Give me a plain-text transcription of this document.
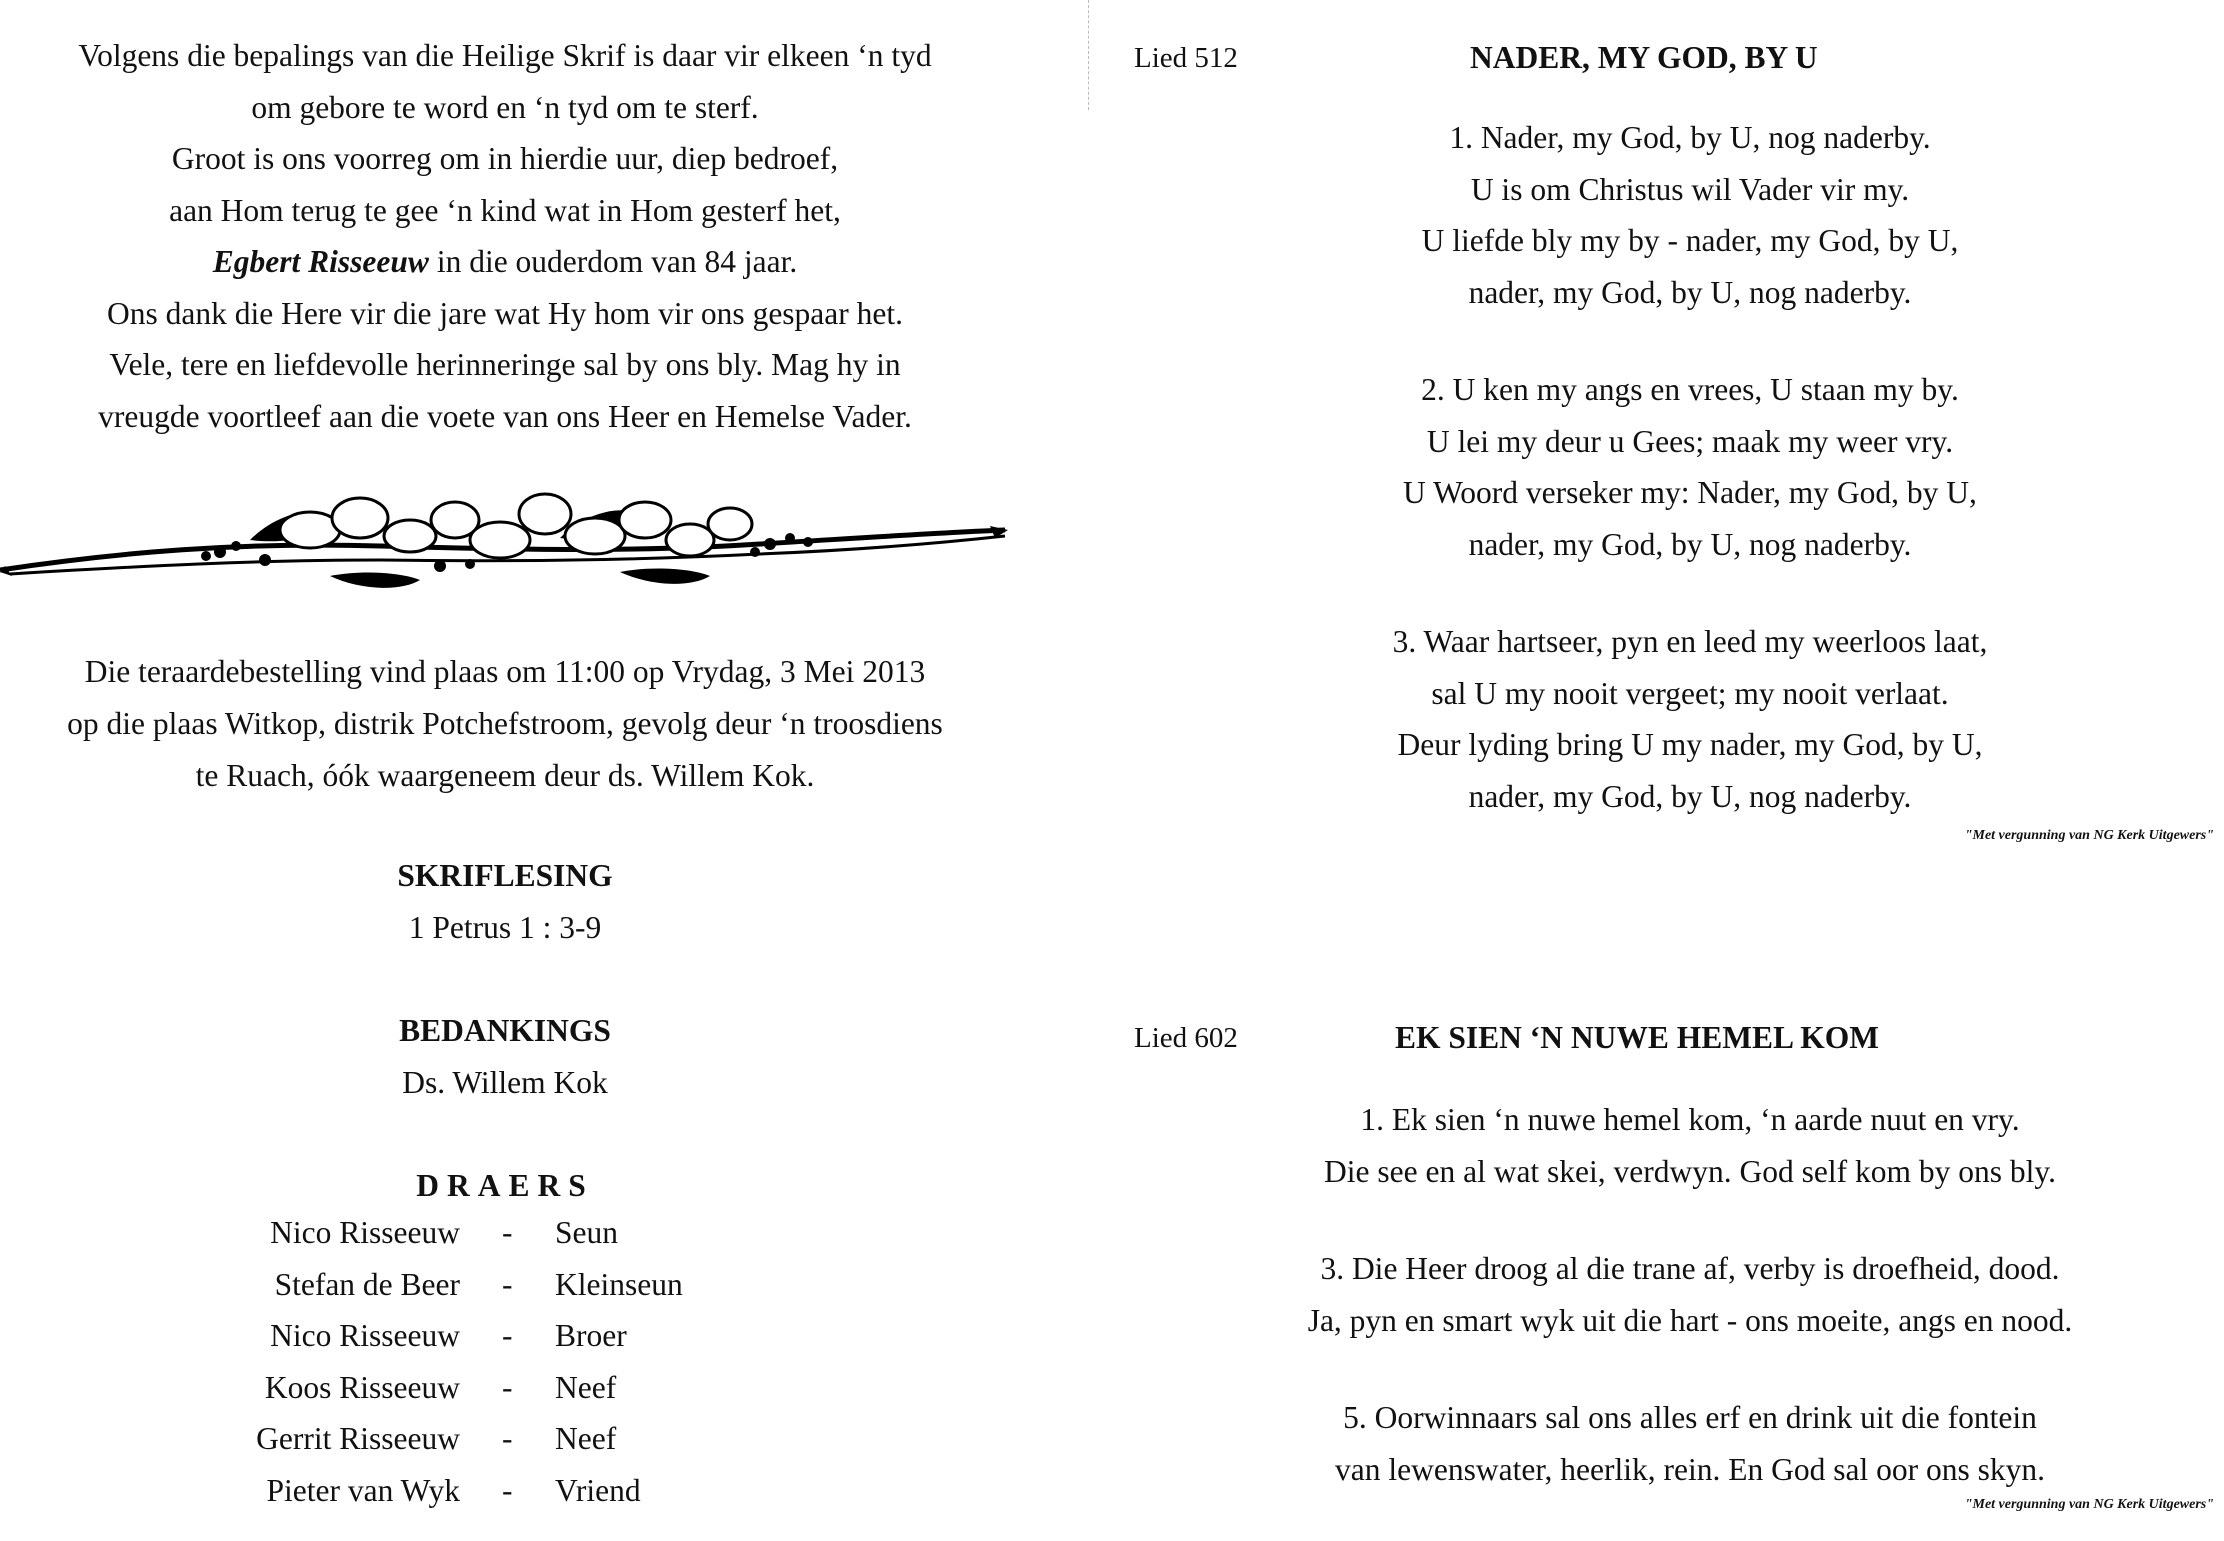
Volgens die bepalings van die Heilige Skrif is daar vir elkeen ‘n tyd
om gebore te word en ‘n tyd om te sterf.
Groot is ons voorreg om in hierdie uur, diep bedroef,
aan Hom terug te gee ‘n kind wat in Hom gesterf het,
Egbert Risseeuw in die ouderdom van 84 jaar.
Ons dank die Here vir die jare wat Hy hom vir ons gespaar het.
Vele, tere en liefdevolle herinneringe sal by ons bly. Mag hy in
vreugde voortleef aan die voete van ons Heer en Hemelse Vader.
Die teraardebestelling vind plaas om 11:00 op Vrydag, 3 Mei 2013
op die plaas Witkop, distrik Potchefstroom, gevolg deur ‘n troosdiens
te Ruach, óók waargeneem deur ds. Willem Kok.
SKRIFLESING
1 Petrus 1 : 3-9
BEDANKINGS
Ds. Willem Kok
DRAERS
Nico Risseeuw - Seun
Stefan de Beer - Kleinseun
Nico Risseeuw - Broer
Koos Risseeuw - Neef
Gerrit Risseeuw - Neef
Pieter van Wyk - Vriend
Lied 512	NADER, MY GOD, BY U
1. Nader, my God, by U, nog naderby.
U is om Christus wil Vader vir my.
U liefde bly my by - nader, my God, by U,
nader, my God, by U, nog naderby.
2. U ken my angs en vrees, U staan my by.
U lei my deur u Gees; maak my weer vry.
U Woord verseker my: Nader, my God, by U,
nader, my God, by U, nog naderby.
3. Waar hartseer, pyn en leed my weerloos laat,
sal U my nooit vergeet; my nooit verlaat.
Deur lyding bring U my nader, my God, by U,
nader, my God, by U, nog naderby.
"Met vergunning van NG Kerk Uitgewers"
Lied 602	EK SIEN ‘N NUWE HEMEL KOM
1. Ek sien ‘n nuwe hemel kom, ‘n aarde nuut en vry.
Die see en al wat skei, verdwyn. God self kom by ons bly.
3. Die Heer droog al die trane af, verby is droefheid, dood.
Ja, pyn en smart wyk uit die hart - ons moeite, angs en nood.
5. Oorwinnaars sal ons alles erf en drink uit die fontein
van lewenswater, heerlik, rein. En God sal oor ons skyn.
"Met vergunning van NG Kerk Uitgewers"
